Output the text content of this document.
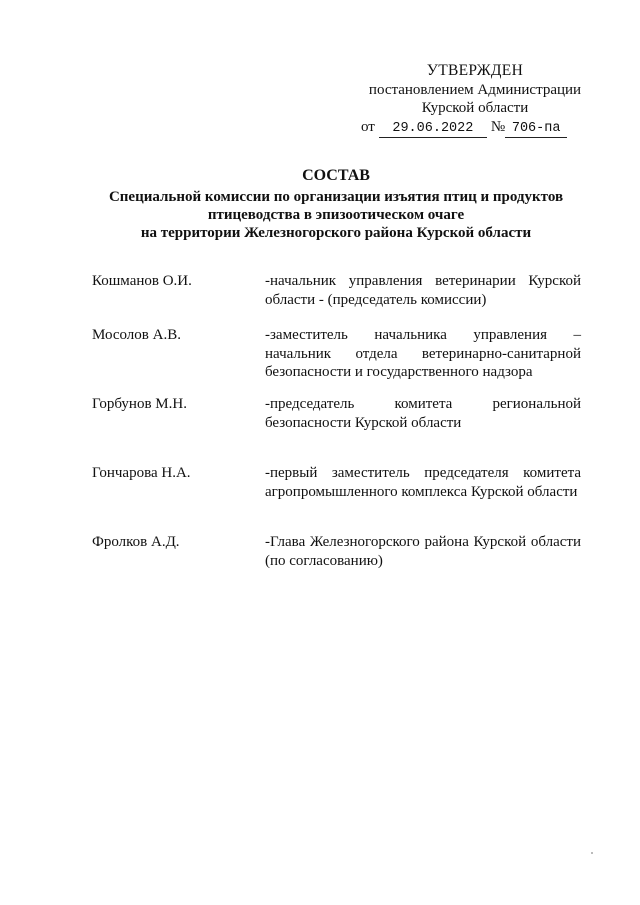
УТВЕРЖДЕН
постановлением Администрации
Курской области
от 29.06.2022 № 706-па
СОСТАВ
Специальной комиссии по организации изъятия птиц и продуктов
птицеводства в эпизоотическом очаге
на территории Железногорского района Курской области
Кошманов О.И.	-начальник управления ветеринарии Курской области - (председатель комиссии)
Мосолов А.В.	-заместитель начальника управления – начальник отдела ветеринарно-санитарной безопасности и государственного надзора
Горбунов М.Н.	-председатель комитета региональной безопасности Курской области
Гончарова Н.А.	-первый заместитель председателя комитета агропромышленного комплекса Курской области
Фролков А.Д.	-Глава Железногорского района Курской области (по согласованию)
